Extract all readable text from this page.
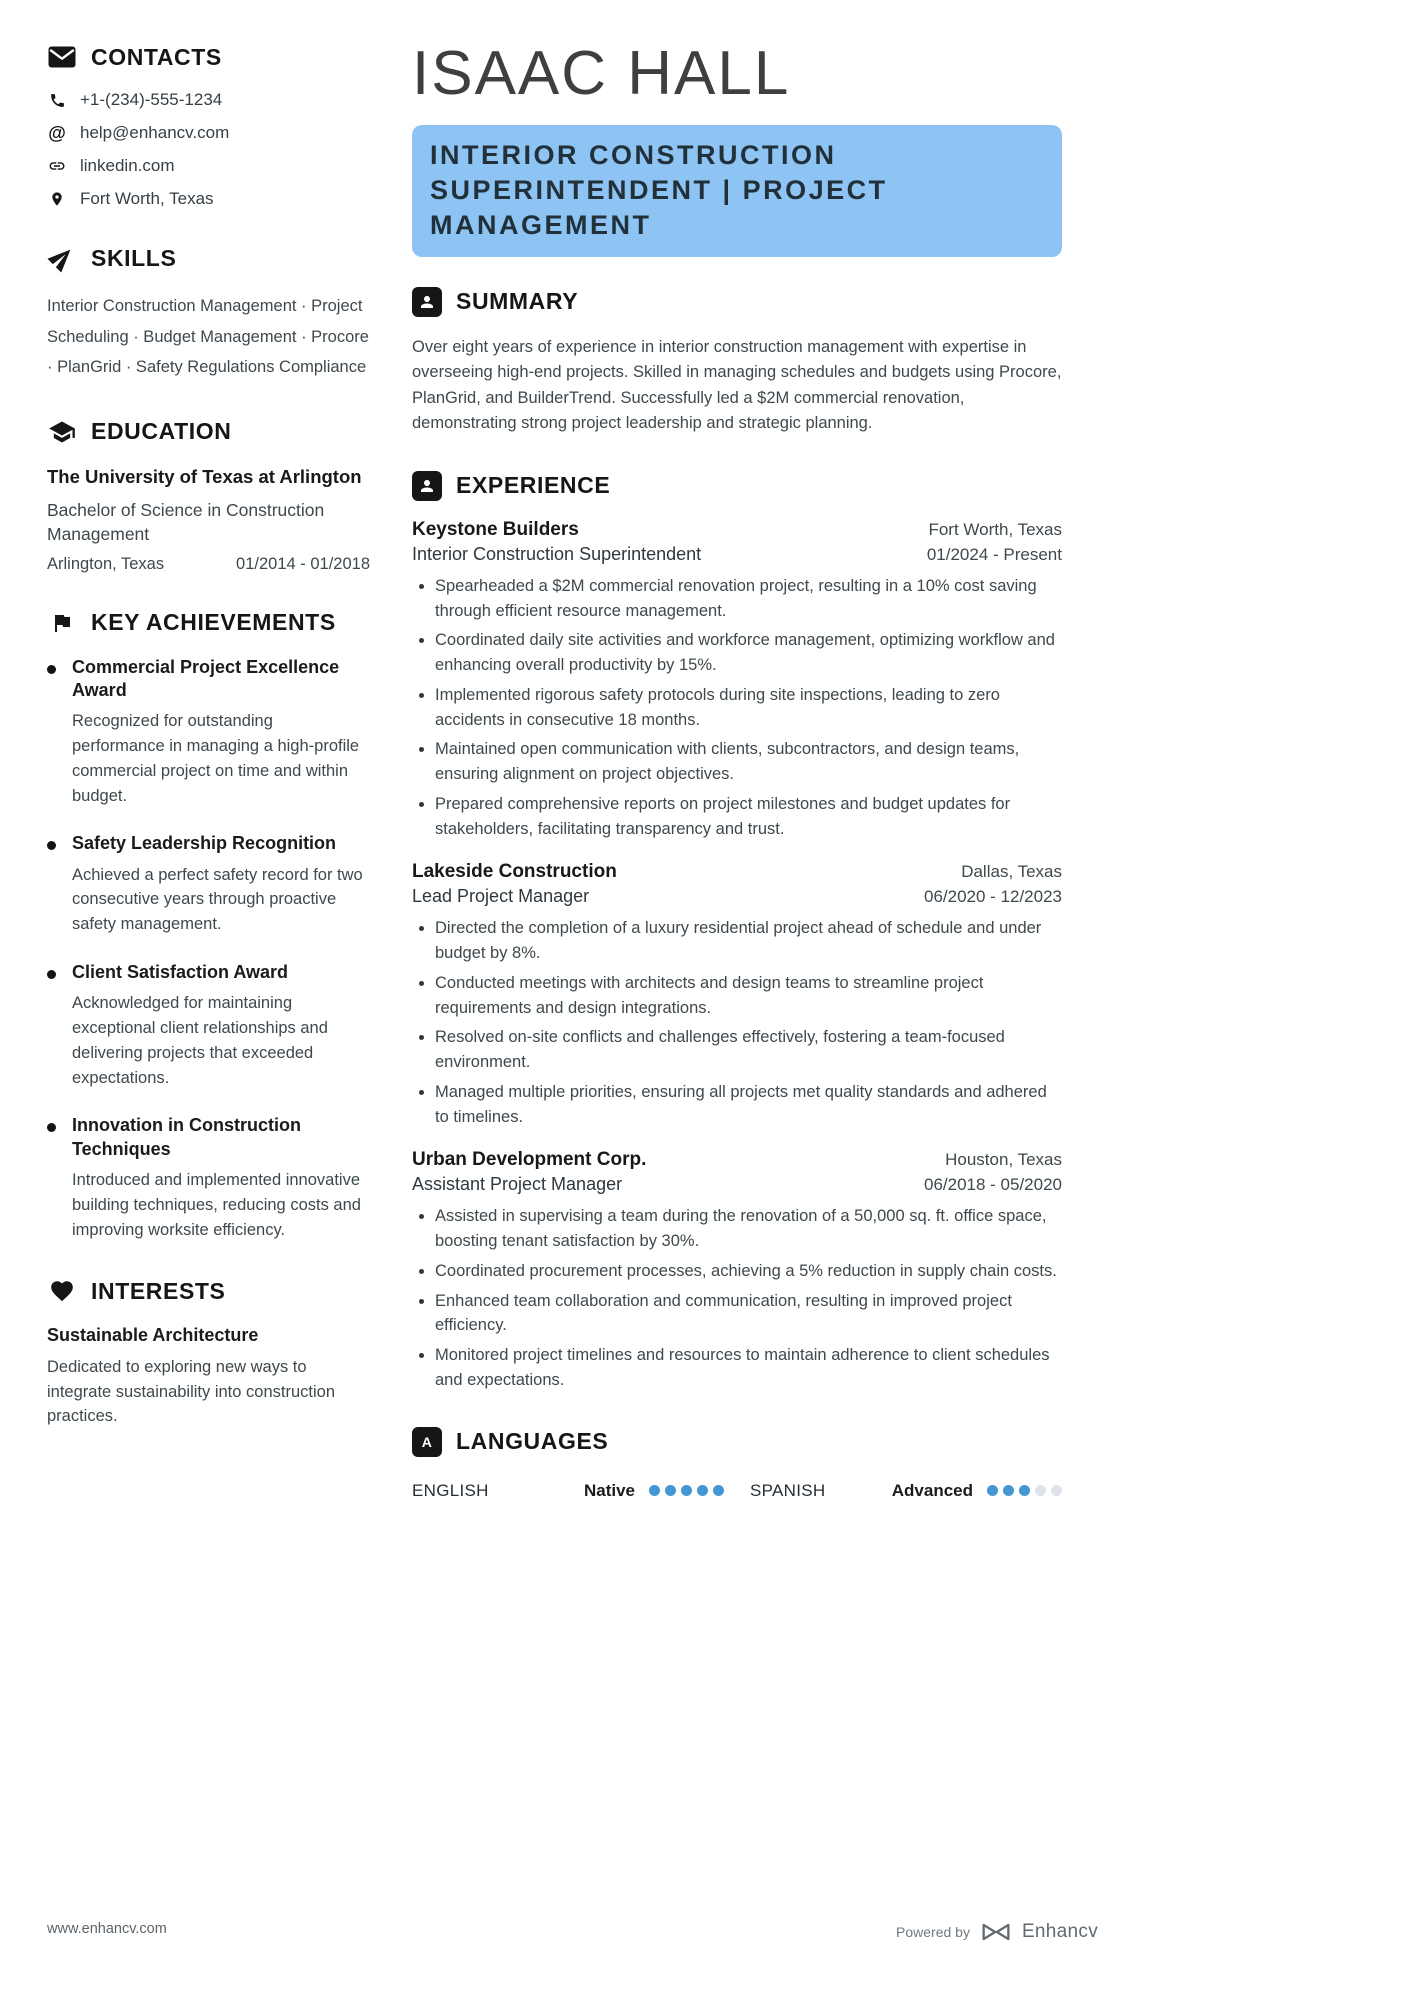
CONTACTS
+1-(234)-555-1234
@ help@enhancv.com
linkedin.com
Fort Worth, Texas
SKILLS

Interior Construction Management · Project Scheduling · Budget Management · Procore · PlanGrid · Safety Regulations Compliance

EDUCATION
The University of Texas at Arlington
Bachelor of Science in Construction Management
Arlington, Texas	01/2014 - 01/2018
KEY ACHIEVEMENTS
Commercial Project Excellence Award
Recognized for outstanding performance in managing a high-profile commercial project on time and within budget.
Safety Leadership Recognition
Achieved a perfect safety record for two consecutive years through proactive safety management.
Client Satisfaction Award
Acknowledged for maintaining exceptional client relationships and delivering projects that exceeded expectations.
Innovation in Construction Techniques
Introduced and implemented innovative building techniques, reducing costs and improving worksite efficiency.
INTERESTS
Sustainable Architecture
Dedicated to exploring new ways to integrate sustainability into construction practices.
ISAAC HALL
INTERIOR CONSTRUCTION SUPERINTENDENT | PROJECT MANAGEMENT
SUMMARY

Over eight years of experience in interior construction management with expertise in overseeing high-end projects. Skilled in managing schedules and budgets using Procore, PlanGrid, and BuilderTrend. Successfully led a $2M commercial renovation, demonstrating strong project leadership and strategic planning.

EXPERIENCE
Keystone Builders	Fort Worth, Texas
Interior Construction Superintendent	01/2024 - Present
• Spearheaded a $2M commercial renovation project, resulting in a 10% cost saving through efficient resource management.
• Coordinated daily site activities and workforce management, optimizing workflow and enhancing overall productivity by 15%.
• Implemented rigorous safety protocols during site inspections, leading to zero accidents in consecutive 18 months.
• Maintained open communication with clients, subcontractors, and design teams, ensuring alignment on project objectives.
• Prepared comprehensive reports on project milestones and budget updates for stakeholders, facilitating transparency and trust.
Lakeside Construction	Dallas, Texas
Lead Project Manager	06/2020 - 12/2023
• Directed the completion of a luxury residential project ahead of schedule and under budget by 8%.
• Conducted meetings with architects and design teams to streamline project requirements and design integrations.
• Resolved on-site conflicts and challenges effectively, fostering a team-focused environment.
• Managed multiple priorities, ensuring all projects met quality standards and adhered to timelines.
Urban Development Corp.	Houston, Texas
Assistant Project Manager	06/2018 - 05/2020
• Assisted in supervising a team during the renovation of a 50,000 sq. ft. office space, boosting tenant satisfaction by 30%.
• Coordinated procurement processes, achieving a 5% reduction in supply chain costs.
• Enhanced team collaboration and communication, resulting in improved project efficiency.
• Monitored project timelines and resources to maintain adherence to client schedules and expectations.
A LANGUAGES
ENGLISH	Native	SPANISH	Advanced
www.enhancv.com	Powered by	Enhancv
